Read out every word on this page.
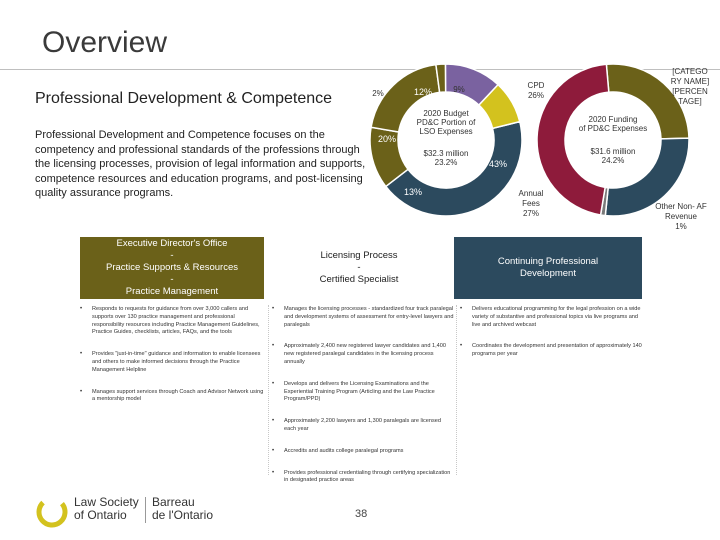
Overview
Professional Development & Competence
Professional Development and Competence focuses on the competency and professional standards of the professions through the licensing processes, provision of legal information and supports, competence resources and education programs, and post-licensing quality assurance programs.
2020 Budget
PD&C Portion of
LSO Expenses
$32.3 million
23.2%	43%
13%
20%
2%	12%	9%
2020 Funding
of PD&C Expenses
$31.6 million
24.2%
CPD
26%
Annual
Fees
27%
Other Non- AF
Revenue
1%
[CATEGO
RY NAME]
[PERCEN
TAGE]
Executive Director's Office
-
Practice Supports & Resources
-
Practice Management
Licensing Process
-
Certified Specialist
Continuing Professional
Development
• Responds to requests for guidance from over 3,000 callers and supports over 130 practice management and professional responsibility resources including Practice Management Guidelines, Practice Guides, checklists, articles, FAQs, and the tools
• Provides "just-in-time" guidance and information to enable licensees and others to make informed decisions through the Practice Management Helpline
• Manages support services through Coach and Advisor Network using a mentorship model
• Manages the licensing processes - standardized four track paralegal and development systems of assessment for entry-level lawyers and paralegals
• Approximately 2,400 new registered lawyer candidates and 1,400 new registered paralegal candidates in the licensing process annually
• Develops and delivers the Licensing Examinations and the Experiential Training Program (Articling and the Law Practice Program/PPD)
• Approximately 2,200 lawyers and 1,300 paralegals are licensed each year
• Accredits and audits college paralegal programs
• Provides professional credentialing through certifying specialization in designated practice areas
• Delivers educational programming for the legal profession on a wide variety of substantive and professional topics via live programs and live and archived webcast
• Coordinates the development and presentation of approximately 140 programs per year
Law Society
of Ontario
Barreau
de l'Ontario	38
